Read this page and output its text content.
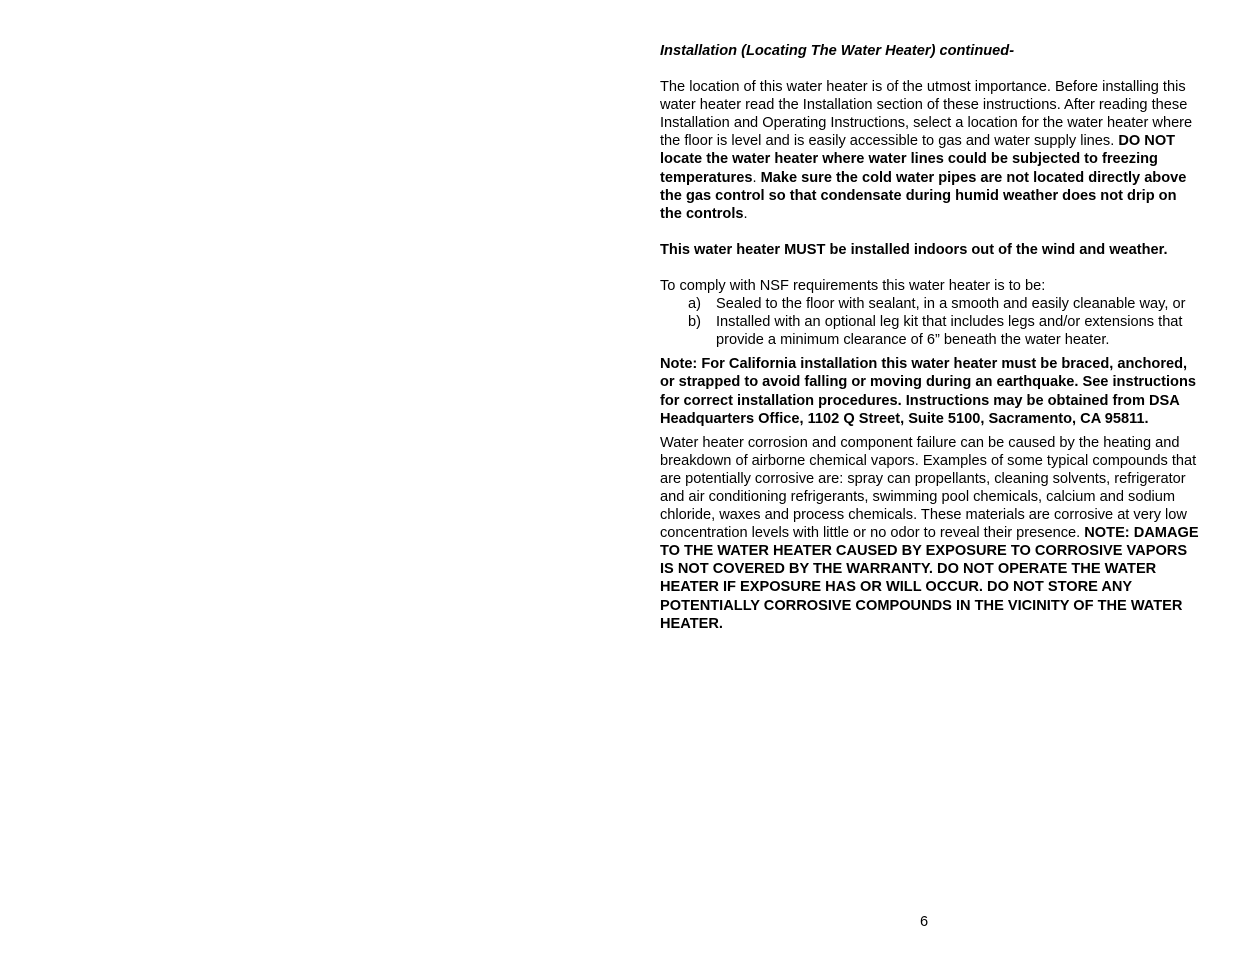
Installation (Locating The Water Heater) continued-

The location of this water heater is of the utmost importance. Before installing this water heater read the Installation section of these instructions. After reading these Installation and Operating Instructions, select a location for the water heater where the floor is level and is easily accessible to gas and water supply lines. DO NOT locate the water heater where water lines could be subjected to freezing temperatures. Make sure the cold water pipes are not located directly above the gas control so that condensate during humid weather does not drip on the controls.

This water heater MUST be installed indoors out of the wind and weather.

To comply with NSF requirements this water heater is to be:

a) Sealed to the floor with sealant, in a smooth and easily cleanable way, or
b) Installed with an optional leg kit that includes legs and/or extensions that provide a minimum clearance of 6” beneath the water heater.

Note: For California installation this water heater must be braced, anchored, or strapped to avoid falling or moving during an earthquake. See instructions for correct installation procedures. Instructions may be obtained from DSA Headquarters Office, 1102 Q Street, Suite 5100, Sacramento, CA 95811.

Water heater corrosion and component failure can be caused by the heating and breakdown of airborne chemical vapors. Examples of some typical compounds that are potentially corrosive are: spray can propellants, cleaning solvents, refrigerator and air conditioning refrigerants, swimming pool chemicals, calcium and sodium chloride, waxes and process chemicals. These materials are corrosive at very low concentration levels with little or no odor to reveal their presence. NOTE: DAMAGE TO THE WATER HEATER CAUSED BY EXPOSURE TO CORROSIVE VAPORS IS NOT COVERED BY THE WARRANTY. DO NOT OPERATE THE WATER HEATER IF EXPOSURE HAS OR WILL OCCUR. DO NOT STORE ANY POTENTIALLY CORROSIVE COMPOUNDS IN THE VICINITY OF THE WATER HEATER.

6
